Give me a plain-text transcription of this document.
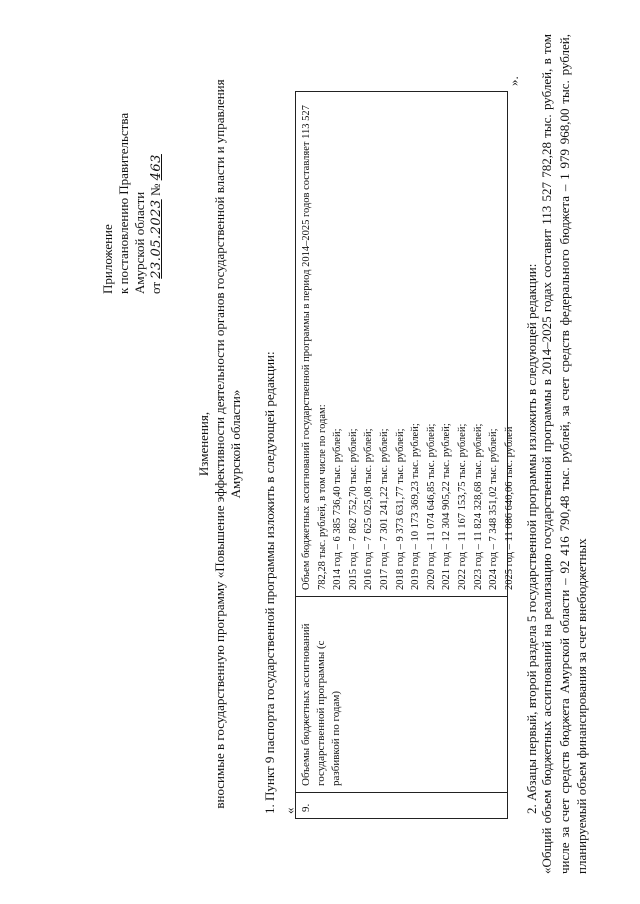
Приложение к постановлению Правительства Амурской области от 23.05.2023 № 463
Изменения, вносимые в государственную программу «Повышение эффективности деятельности органов государственной власти и управления Амурской области» 1. Пункт 9 паспорта государственной программы изложить в следующей редакции: « 9.
Объемы бюджетных ассигнований государственной программы (с разбивкой по годам)
Объем бюджетных ассигнований государственной программы в период 2014–2025 годов составляет 113 527 782,28 тыс. рублей, в том числе по годам: 2014 год – 6 385 736,40 тыс. рублей; 2015 год – 7 862 752,70 тыс. рублей; 2016 год – 7 625 025,08 тыс. рублей; 2017 год – 7 301 241,22 тыс. рублей; 2018 год – 9 373 631,77 тыс. рублей; 2019 год – 10 173 369,23 тыс. рублей; 2020 год – 11 074 646,85 тыс. рублей; 2021 год – 12 304 905,22 тыс. рублей; 2022 год – 11 167 153,75 тыс. рублей; 2023 год – 11 824 328,68 тыс. рублей; 2024 год – 7 348 351,02 тыс. рублей; 2025 год – 11 086 640,06 тыс. рублей
».
2. Абзацы первый, второй раздела 5 государственной программы изложить в следующей редакции: «Общий объем бюджетных ассигнований на реализацию государственной программы в 2014–2025 годах составит 113 527 782,28 тыс. рублей, в том числе за счет средств бюджета Амурской области – 92 416 790,48 тыс. рублей, за счет средств федерального бюджета – 1 979 968,00 тыс. рублей, планируемый объем финансирования за счет внебюджетных
